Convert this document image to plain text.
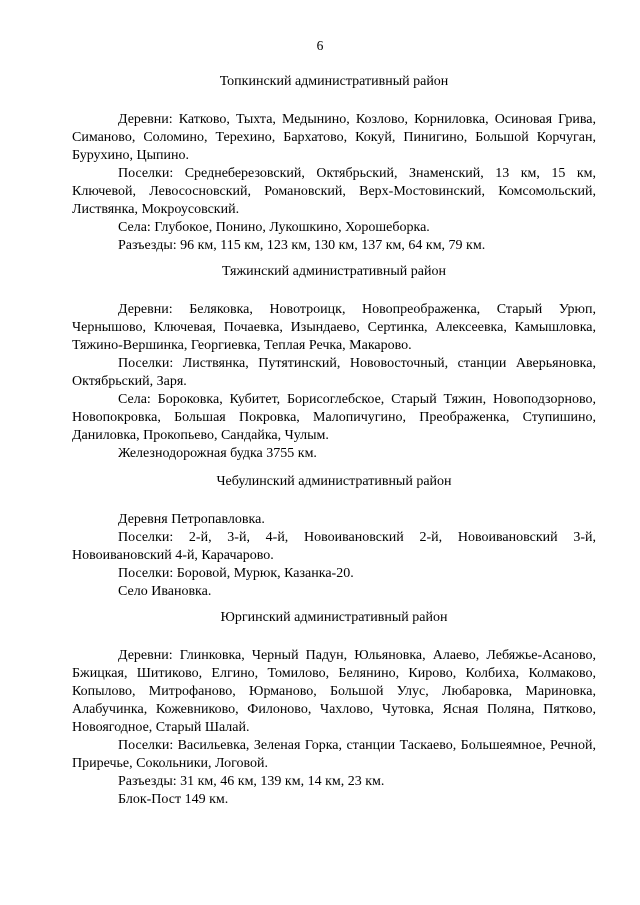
6

Топкинский административный район

Деревни: Катково, Тыхта, Медынино, Козлово, Корниловка, Осиновая Грива, Симаново, Соломино, Терехино, Бархатово, Кокуй, Пинигино, Большой Корчуган, Бурухино, Цыпино.

Поселки: Среднеберезовский, Октябрьский, Знаменский, 13 км, 15 км, Ключевой, Левососновский, Романовский, Верх-Мостовинский, Комсомольский, Листвянка, Мокроусовский.

Села: Глубокое, Понино, Лукошкино, Хорошеборка.

Разъезды: 96 км, 115 км, 123 км, 130 км, 137 км, 64 км, 79 км.

Тяжинский административный район

Деревни: Беляковка, Новотроицк, Новопреображенка, Старый Урюп, Чернышово, Ключевая, Почаевка, Изындаево, Сертинка, Алексеевка, Камышловка, Тяжино-Вершинка, Георгиевка, Теплая Речка, Макарово.

Поселки: Листвянка, Путятинский, Нововосточный, станции Аверьяновка, Октябрьский, Заря.

Села: Бороковка, Кубитет, Борисоглебское, Старый Тяжин, Новоподзорново, Новопокровка, Большая Покровка, Малопичугино, Преображенка, Ступишино, Даниловка, Прокопьево, Сандайка, Чулым.

Железнодорожная будка 3755 км.

Чебулинский административный район

Деревня Петропавловка.

Поселки: 2-й, 3-й, 4-й, Новоивановский 2-й, Новоивановский 3-й, Новоивановский 4-й, Карачарово.

Поселки: Боровой, Мурюк, Казанка-20.

Село Ивановка.

Юргинский административный район

Деревни: Глинковка, Черный Падун, Юльяновка, Алаево, Лебяжье-Асаново, Бжицкая, Шитиково, Елгино, Томилово, Белянино, Кирово, Колбиха, Колмаково, Копылово, Митрофаново, Юрманово, Большой Улус, Любаровка, Мариновка, Алабучинка, Кожевниково, Филоново, Чахлово, Чутовка, Ясная Поляна, Пятково, Новоягодное, Старый Шалай.

Поселки: Васильевка, Зеленая Горка, станции Таскаево, Большеямное, Речной, Приречье, Сокольники, Логовой.

Разъезды: 31 км, 46 км, 139 км, 14 км, 23 км.

Блок-Пост 149 км.
